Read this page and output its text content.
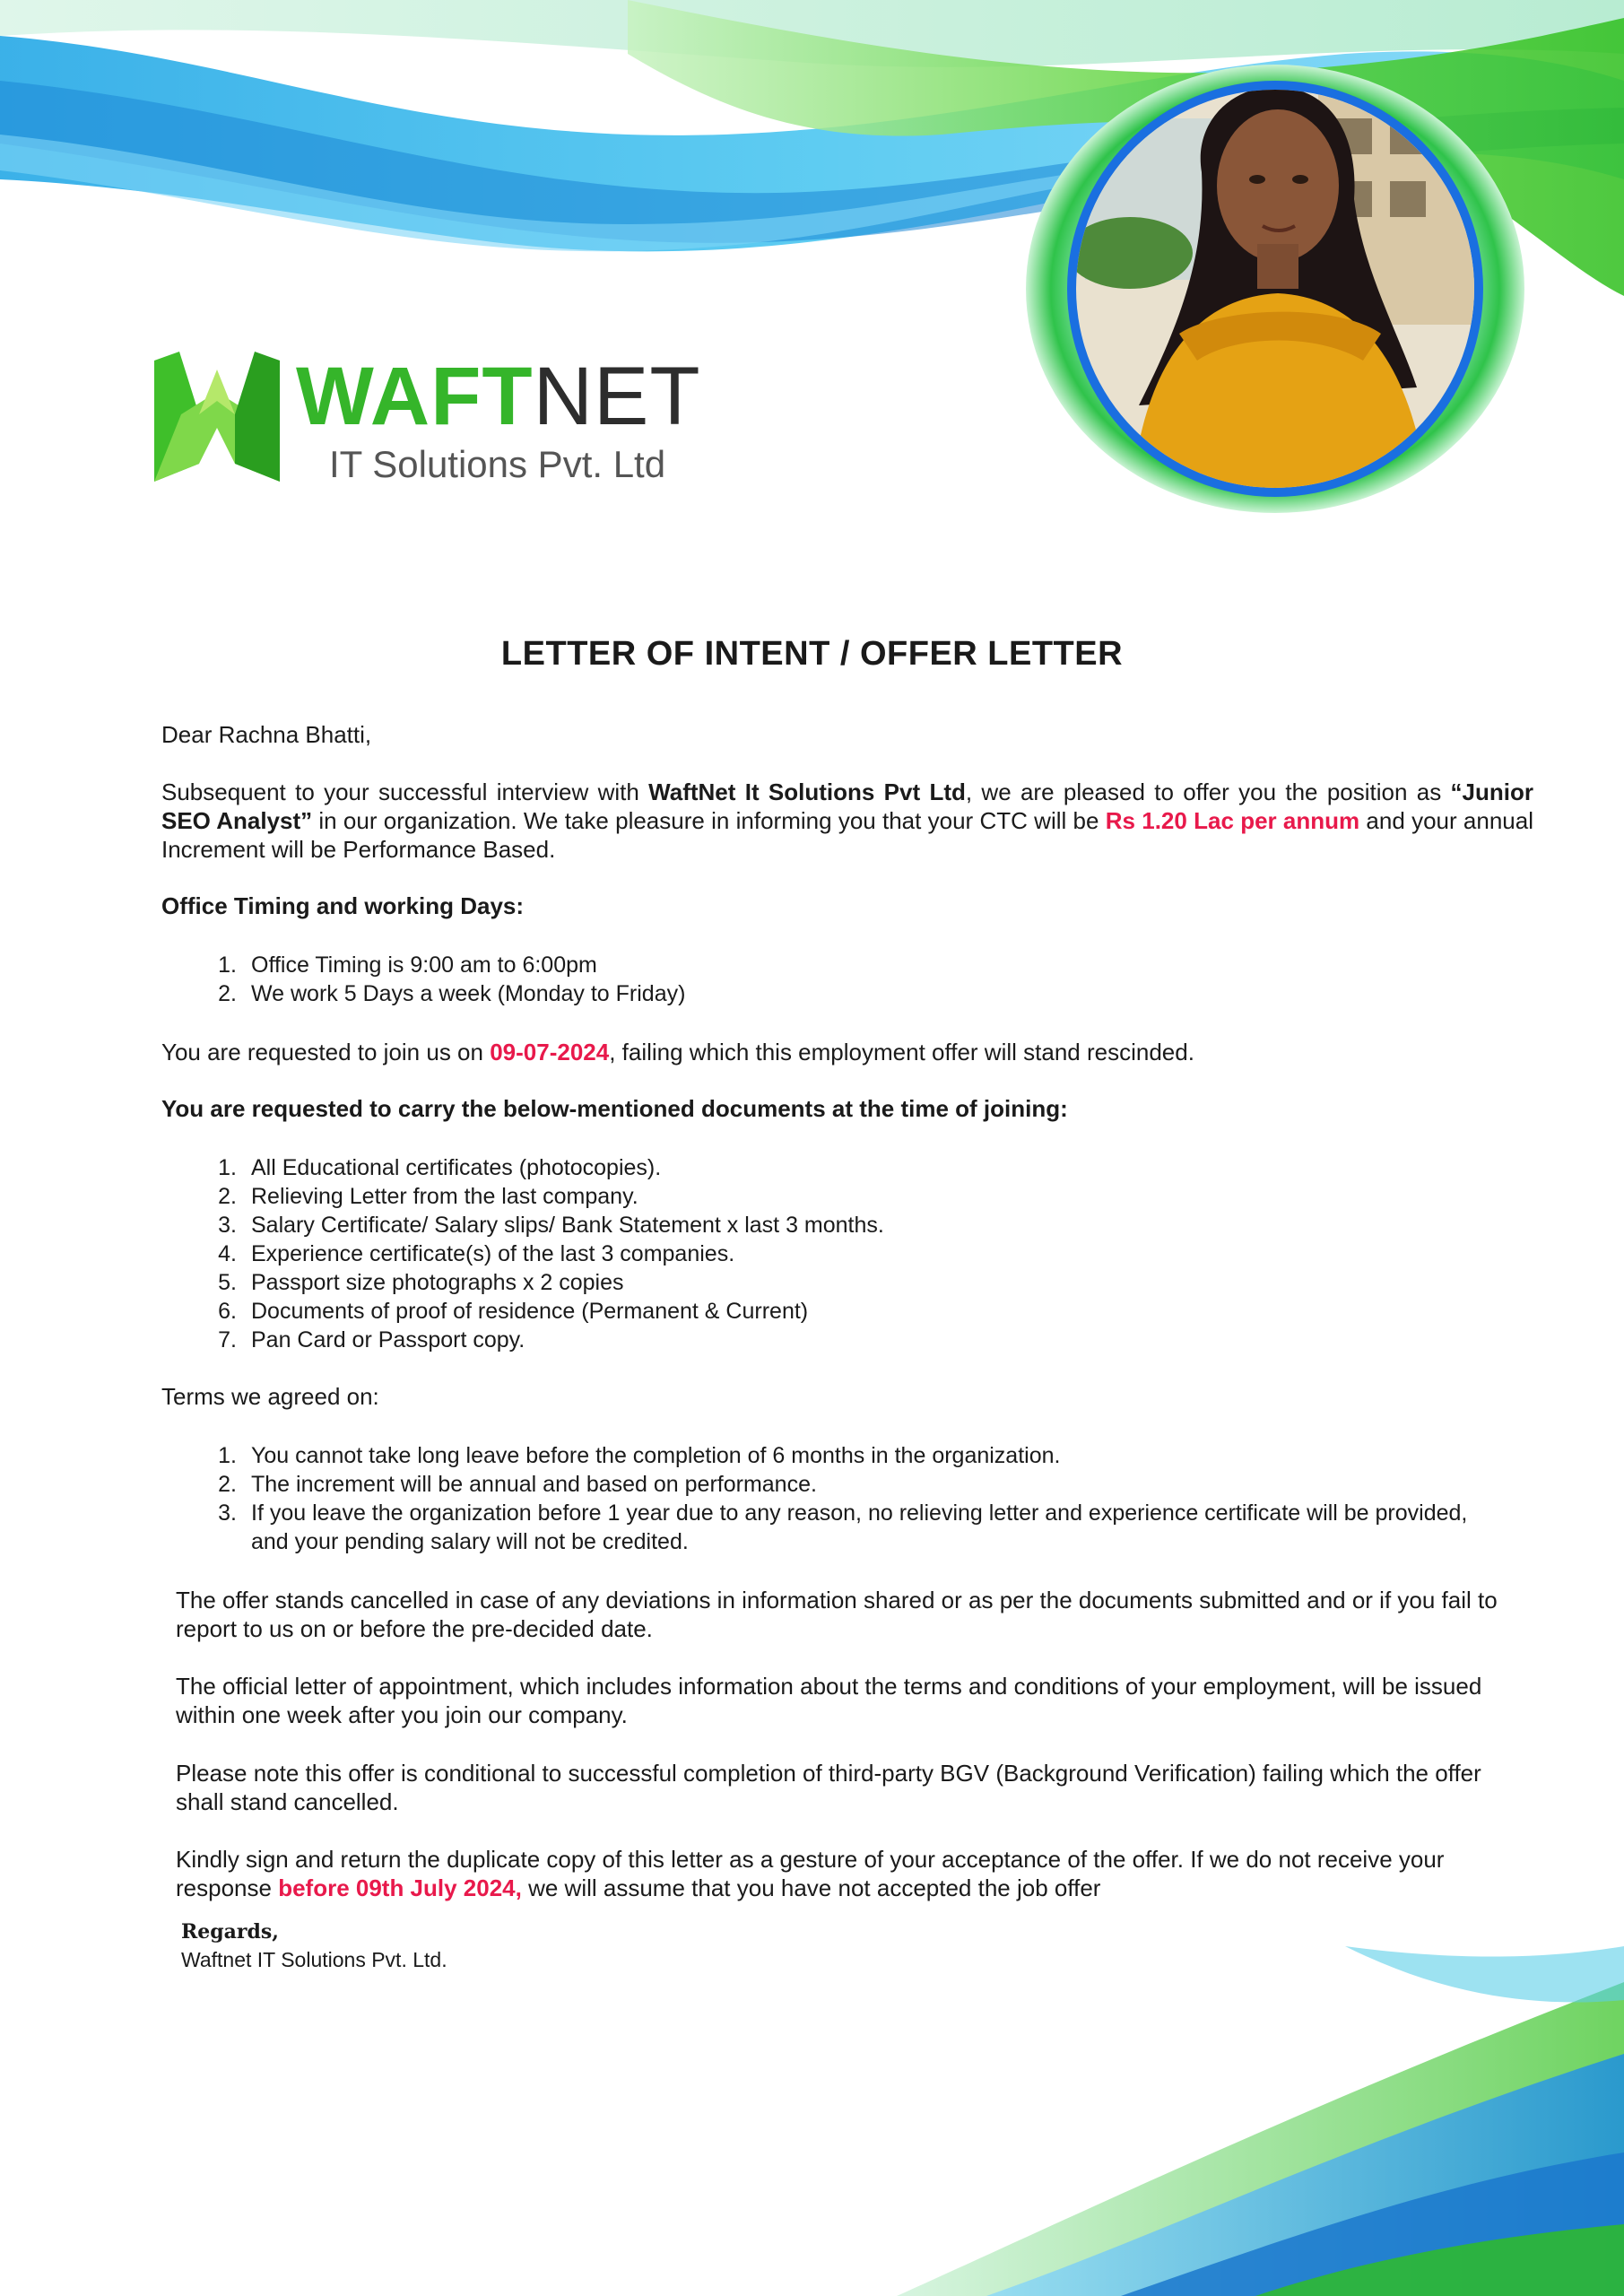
WAFTNET
IT Solutions Pvt. Ltd
LETTER OF INTENT / OFFER LETTER
Dear Rachna Bhatti,
Subsequent to your successful interview with WaftNet It Solutions Pvt Ltd, we are pleased to offer you the position as “Junior SEO Analyst” in our organization. We take pleasure in informing you that your CTC will be Rs 1.20 Lac per annum and your annual Increment will be Performance Based.
Office Timing and working Days:
1. Office Timing is 9:00 am to 6:00pm
2. We work 5 Days a week (Monday to Friday)
You are requested to join us on 09-07-2024, failing which this employment offer will stand rescinded.
You are requested to carry the below-mentioned documents at the time of joining:
1. All Educational certificates (photocopies).
2. Relieving Letter from the last company.
3. Salary Certificate/ Salary slips/ Bank Statement x last 3 months.
4. Experience certificate(s) of the last 3 companies.
5. Passport size photographs x 2 copies
6. Documents of proof of residence (Permanent & Current)
7. Pan Card or Passport copy.
Terms we agreed on:
1. You cannot take long leave before the completion of 6 months in the organization.
2. The increment will be annual and based on performance.
3. If you leave the organization before 1 year due to any reason, no relieving letter and experience certificate will be provided, and your pending salary will not be credited.
The offer stands cancelled in case of any deviations in information shared or as per the documents submitted and or if you fail to report to us on or before the pre-decided date.
The official letter of appointment, which includes information about the terms and conditions of your employment, will be issued within one week after you join our company.
Please note this offer is conditional to successful completion of third-party BGV (Background Verification) failing which the offer shall stand cancelled.
Kindly sign and return the duplicate copy of this letter as a gesture of your acceptance of the offer. If we do not receive your response before 09th July 2024, we will assume that you have not accepted the job offer
Regards,
Waftnet IT Solutions Pvt. Ltd.
